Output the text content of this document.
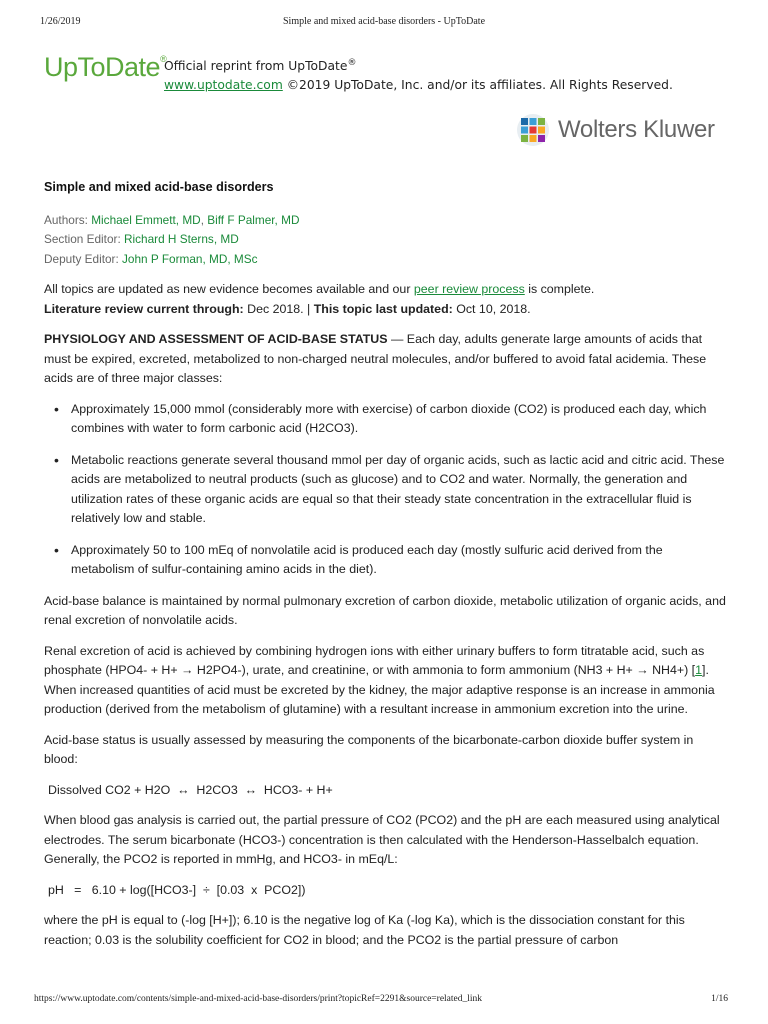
1/26/2019	Simple and mixed acid-base disorders - UpToDate
UpToDate®
Official reprint from UpToDate®
www.uptodate.com ©2019 UpToDate, Inc. and/or its affiliates. All Rights Reserved.
Wolters Kluwer
Simple and mixed acid-base disorders
Authors: Michael Emmett, MD, Biff F Palmer, MD
Section Editor: Richard H Sterns, MD
Deputy Editor: John P Forman, MD, MSc

All topics are updated as new evidence becomes available and our peer review process is complete.
Literature review current through: Dec 2018. | This topic last updated: Oct 10, 2018.

PHYSIOLOGY AND ASSESSMENT OF ACID-BASE STATUS — Each day, adults generate large amounts of acids that must be expired, excreted, metabolized to non-charged neutral molecules, and/or buffered to avoid fatal acidemia. These acids are of three major classes:

• Approximately 15,000 mmol (considerably more with exercise) of carbon dioxide (CO2) is produced each day, which combines with water to form carbonic acid (H2CO3).
• Metabolic reactions generate several thousand mmol per day of organic acids, such as lactic acid and citric acid. These acids are metabolized to neutral products (such as glucose) and to CO2 and water. Normally, the generation and utilization rates of these organic acids are equal so that their steady state concentration in the extracellular fluid is relatively low and stable.
• Approximately 50 to 100 mEq of nonvolatile acid is produced each day (mostly sulfuric acid derived from the metabolism of sulfur-containing amino acids in the diet).

Acid-base balance is maintained by normal pulmonary excretion of carbon dioxide, metabolic utilization of organic acids, and renal excretion of nonvolatile acids.

Renal excretion of acid is achieved by combining hydrogen ions with either urinary buffers to form titratable acid, such as phosphate (HPO4- + H+ → H2PO4-), urate, and creatinine, or with ammonia to form ammonium (NH3 + H+ → NH4+) [1]. When increased quantities of acid must be excreted by the kidney, the major adaptive response is an increase in ammonia production (derived from the metabolism of glutamine) with a resultant increase in ammonium excretion into the urine.

Acid-base status is usually assessed by measuring the components of the bicarbonate-carbon dioxide buffer system in blood:

Dissolved CO2 + H2O  ↔  H2CO3  ↔  HCO3- + H+

When blood gas analysis is carried out, the partial pressure of CO2 (PCO2) and the pH are each measured using analytical electrodes. The serum bicarbonate (HCO3-) concentration is then calculated with the Henderson-Hasselbalch equation. Generally, the PCO2 is reported in mmHg, and HCO3- in mEq/L:

pH   =   6.10 + log([HCO3-]  ÷  [0.03  x  PCO2])

where the pH is equal to (-log [H+]); 6.10 is the negative log of Ka (-log Ka), which is the dissociation constant for this reaction; 0.03 is the solubility coefficient for CO2 in blood; and the PCO2 is the partial pressure of carbon

https://www.uptodate.com/contents/simple-and-mixed-acid-base-disorders/print?topicRef=2291&source=related_link	1/16
